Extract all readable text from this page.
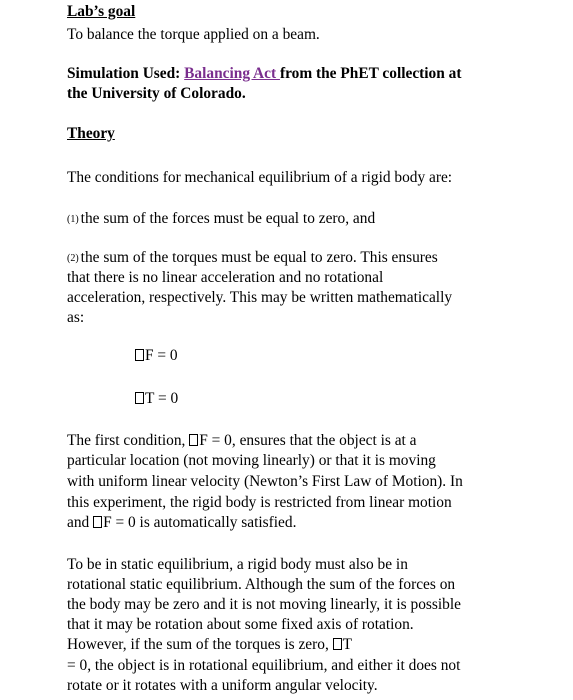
Lab’s goal
To balance the torque applied on a beam.
Simulation Used: Balancing Act from the PhET collection at
the University of Colorado.
Theory
The conditions for mechanical equilibrium of a rigid body are:
(1) the sum of the forces must be equal to zero, and
(2) the sum of the torques must be equal to zero. This ensures
that there is no linear acceleration and no rotational
acceleration, respectively. This may be written mathematically
as:
F = 0
T = 0
The first condition, F = 0, ensures that the object is at a
particular location (not moving linearly) or that it is moving
with uniform linear velocity (Newton’s First Law of Motion). In
this experiment, the rigid body is restricted from linear motion
and F = 0 is automatically satisfied.
To be in static equilibrium, a rigid body must also be in
rotational static equilibrium. Although the sum of the forces on
the body may be zero and it is not moving linearly, it is possible
that it may be rotation about some fixed axis of rotation.
However, if the sum of the torques is zero, T
= 0, the object is in rotational equilibrium, and either it does not
rotate or it rotates with a uniform angular velocity.
